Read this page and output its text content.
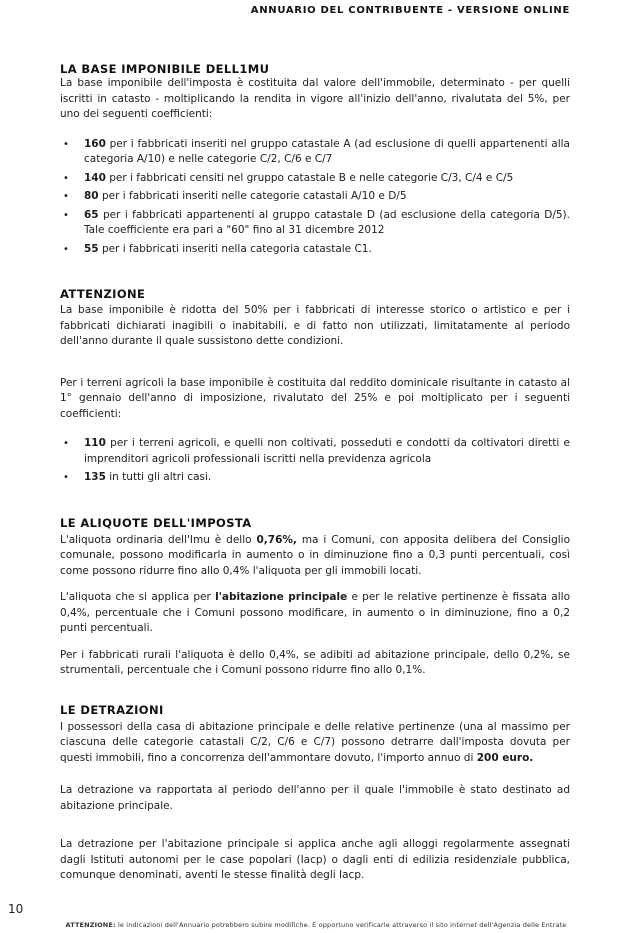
ANNUARIO DEL CONTRIBUENTE - VERSIONE ONLINE
LA BASE IMPONIBILE DELL1MU

La base imponibile dell'imposta è costituita dal valore dell'immobile, determinato - per quelli iscritti in catasto - moltiplicando la rendita in vigore all'inizio dell'anno, rivalutata del 5%, per uno dei seguenti coefficienti:

• 160 per i fabbricati inseriti nel gruppo catastale A (ad esclusione di quelli appartenenti alla categoria A/10) e nelle categorie C/2, C/6 e C/7
• 140 per i fabbricati censiti nel gruppo catastale B e nelle categorie C/3, C/4 e C/5
• 80 per i fabbricati inseriti nelle categorie catastali A/10 e D/5
• 65 per i fabbricati appartenenti al gruppo catastale D (ad esclusione della categoria D/5). Tale coefficiente era pari a "60" fino al 31 dicembre 2012
• 55 per i fabbricati inseriti nella categoria catastale C1.
ATTENZIONE

La base imponibile è ridotta del 50% per i fabbricati di interesse storico o artistico e per i fabbricati dichiarati inagibili o inabitabili, e di fatto non utilizzati, limitatamente al periodo dell'anno durante il quale sussistono dette condizioni.

Per i terreni agricoli la base imponibile è costituita dal reddito dominicale risultante in catasto al 1° gennaio dell'anno di imposizione, rivalutato del 25% e poi moltiplicato per i seguenti coefficienti:

• 110 per i terreni agricoli, e quelli non coltivati, posseduti e condotti da coltivatori diretti e imprenditori agricoli professionali iscritti nella previdenza agricola
• 135 in tutti gli altri casi.
LE ALIQUOTE DELL'IMPOSTA

L'aliquota ordinaria dell'Imu è dello 0,76%, ma i Comuni, con apposita delibera del Consiglio comunale, possono modificarla in aumento o in diminuzione fino a 0,3 punti percentuali, così come possono ridurre fino allo 0,4% l'aliquota per gli immobili locati.

L'aliquota che si applica per l'abitazione principale e per le relative pertinenze è fissata allo 0,4%, percentuale che i Comuni possono modificare, in aumento o in diminuzione, fino a 0,2 punti percentuali.

Per i fabbricati rurali l'aliquota è dello 0,4%, se adibiti ad abitazione principale, dello 0,2%, se strumentali, percentuale che i Comuni possono ridurre fino allo 0,1%.

LE DETRAZIONI

I possessori della casa di abitazione principale e delle relative pertinenze (una al massimo per ciascuna delle categorie catastali C/2, C/6 e C/7) possono detrarre dall'imposta dovuta per questi immobili, fino a concorrenza dell'ammontare dovuto, l'importo annuo di 200 euro.

La detrazione va rapportata al periodo dell'anno per il quale l'immobile è stato destinato ad abitazione principale.

La detrazione per l'abitazione principale si applica anche agli alloggi regolarmente assegnati dagli Istituti autonomi per le case popolari (Iacp) o dagli enti di edilizia residenziale pubblica, comunque denominati, aventi le stesse finalità degli Iacp.

10
ATTENZIONE: le indicazioni dell'Annuario potrebbero subire modifiche. È opportuno verificarle attraverso il sito internet dell'Agenzia delle Entrate
